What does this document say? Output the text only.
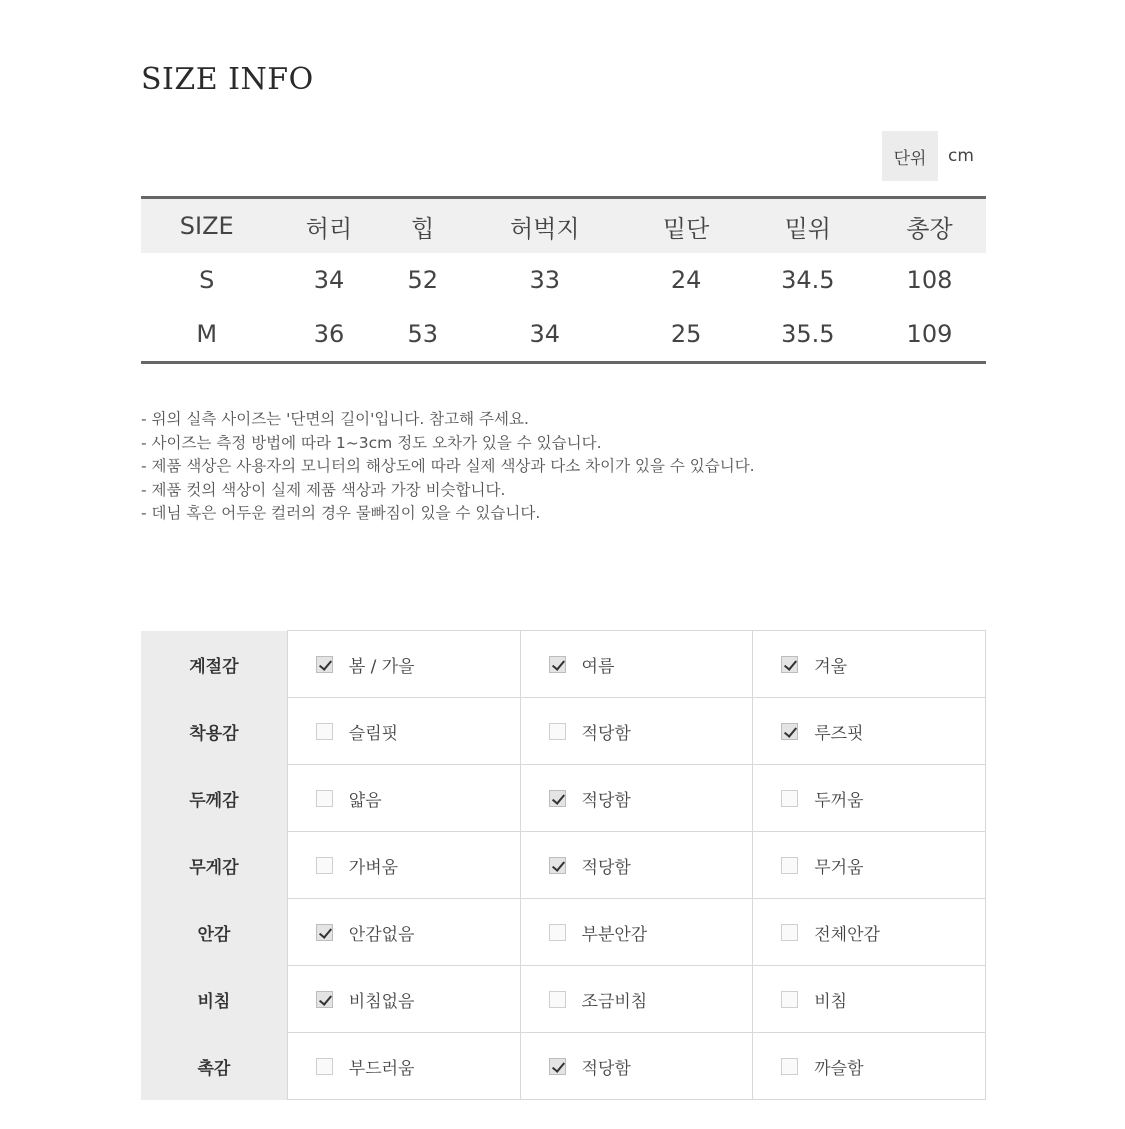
SIZE INFO
단위	cm
SIZE	허리	힙	허벅지	밑단	밑위	총장
S	34	52	33	24	34.5	108
M	36	53	34	25	35.5	109
- 위의 실측 사이즈는 '단면의 길이'입니다. 참고해 주세요.
- 사이즈는 측정 방법에 따라 1~3cm 정도 오차가 있을 수 있습니다.
- 제품 색상은 사용자의 모니터의 해상도에 따라 실제 색상과 다소 차이가 있을 수 있습니다.
- 제품 컷의 색상이 실제 제품 색상과 가장 비슷합니다.
- 데님 혹은 어두운 컬러의 경우 물빠짐이 있을 수 있습니다.
계절감	봄 / 가을	여름	겨울

착용감	슬림핏	적당함	루즈핏

두께감	얇음	적당함	두꺼움

무게감	가벼움	적당함	무거움

안감	안감없음	부분안감	전체안감

비침	비침없음	조금비침	비침

촉감	부드러움	적당함	까슬함
